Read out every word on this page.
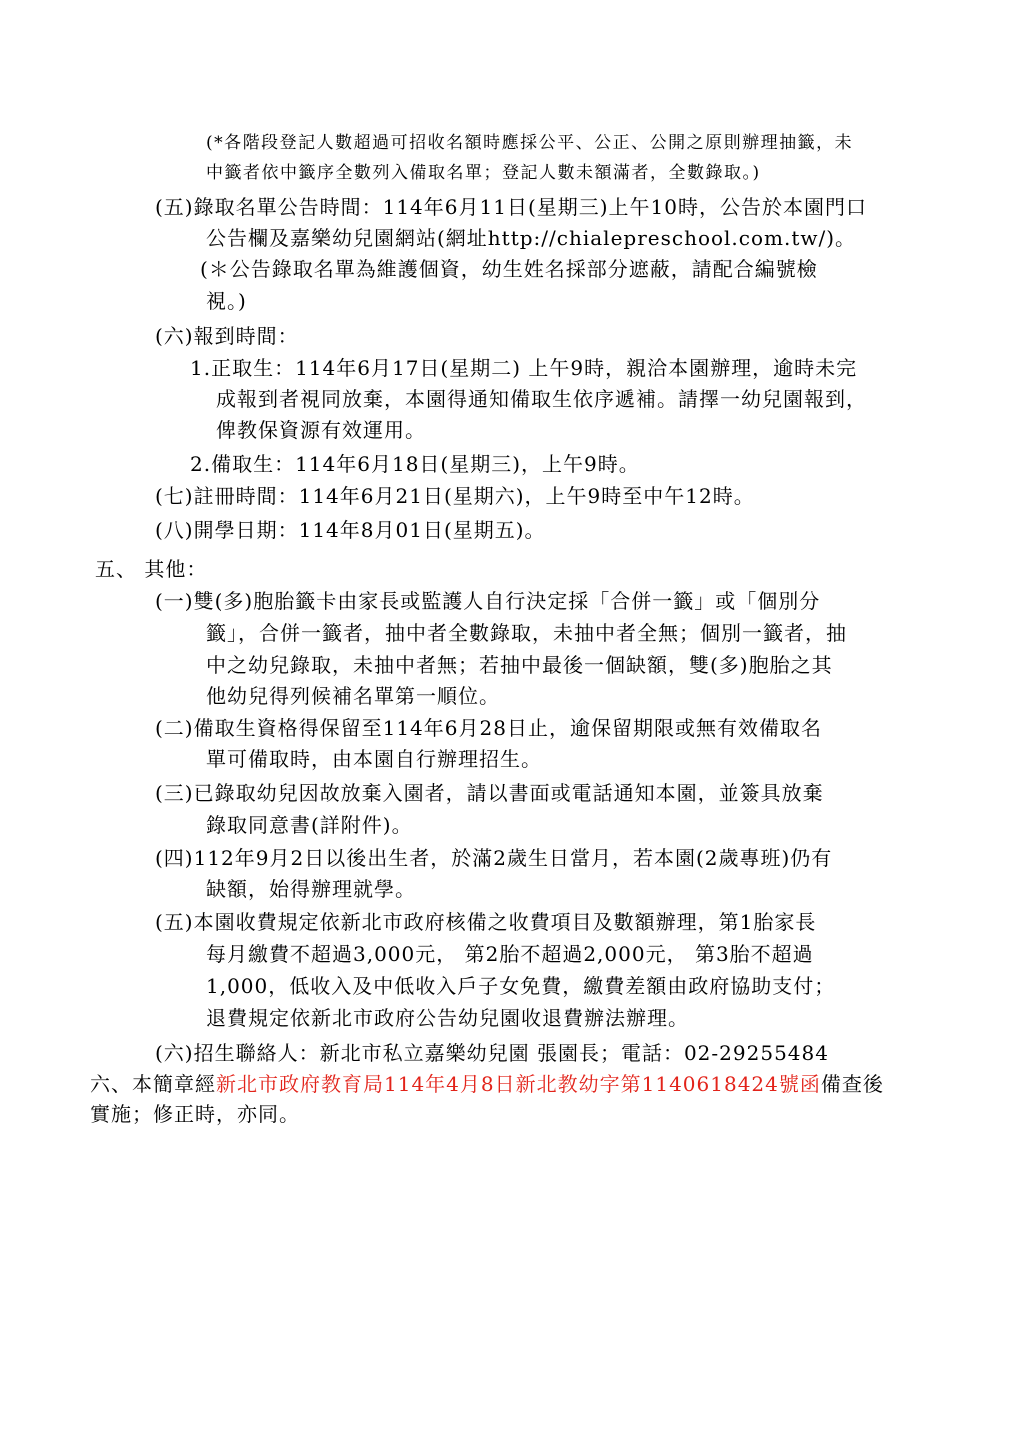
(*各階段登記人數超過可招收名額時應採公平、公正、公開之原則辦理抽籤，未
中籤者依中籤序全數列入備取名單；登記人數未額滿者，全數錄取。)
(五)錄取名單公告時間：114年6月11日(星期三)上午10時，公告於本園門口
公告欄及嘉樂幼兒園網站(網址http://chialepreschool.com.tw/)。
(＊公告錄取名單為維護個資，幼生姓名採部分遮蔽，請配合編號檢
視。)
(六)報到時間：
1.正取生：114年6月17日(星期二) 上午9時，親洽本園辦理，逾時未完
成報到者視同放棄，本園得通知備取生依序遞補。請擇一幼兒園報到，
俾教保資源有效運用。
2.備取生：114年6月18日(星期三)，上午9時。
(七)註冊時間：114年6月21日(星期六)，上午9時至中午12時。
(八)開學日期：114年8月01日(星期五)。
五、 其他：
(一)雙(多)胞胎籤卡由家長或監護人自行決定採「合併一籤」或「個別分
籤」，合併一籤者，抽中者全數錄取，未抽中者全無；個別一籤者，抽
中之幼兒錄取，未抽中者無；若抽中最後一個缺額，雙(多)胞胎之其
他幼兒得列候補名單第一順位。
(二)備取生資格得保留至114年6月28日止，逾保留期限或無有效備取名
單可備取時，由本園自行辦理招生。
(三)已錄取幼兒因故放棄入園者，請以書面或電話通知本園，並簽具放棄
錄取同意書(詳附件)。
(四)112年9月2日以後出生者，於滿2歲生日當月，若本園(2歲專班)仍有
缺額，始得辦理就學。
(五)本園收費規定依新北市政府核備之收費項目及數額辦理，第1胎家長
每月繳費不超過3,000元， 第2胎不超過2,000元， 第3胎不超過
1,000，低收入及中低收入戶子女免費，繳費差額由政府協助支付；
退費規定依新北市政府公告幼兒園收退費辦法辦理。
(六)招生聯絡人：新北市私立嘉樂幼兒園 張園長；電話：02-29255484
六、本簡章經新北市政府教育局114年4月8日新北教幼字第1140618424號函備查後
實施；修正時，亦同。
